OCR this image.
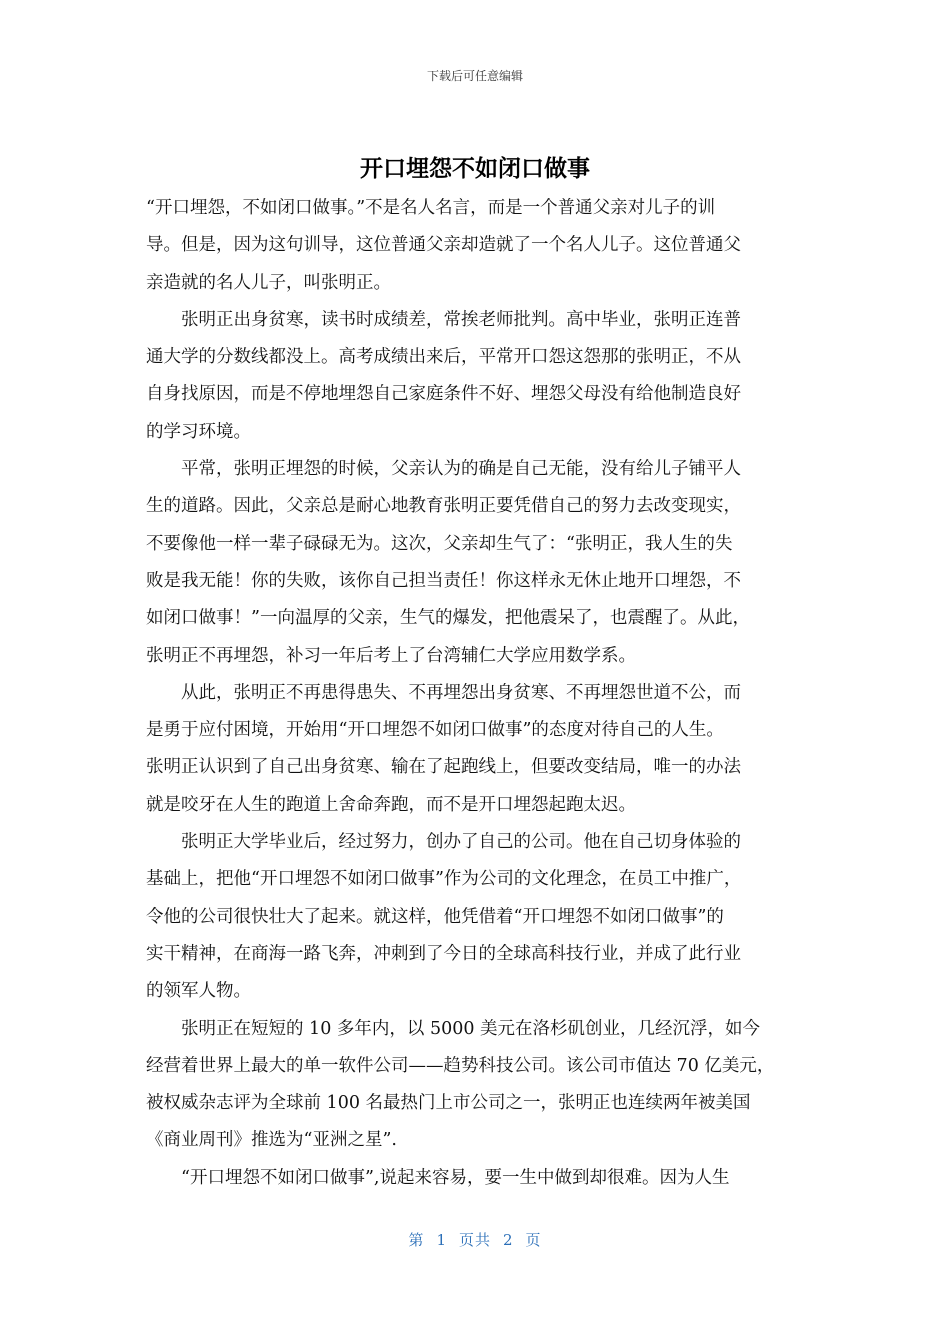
下载后可任意编辑
开口埋怨不如闭口做事

“开口埋怨，不如闭口做事。”不是名人名言，而是一个普通父亲对儿子的训
导。但是，因为这句训导，这位普通父亲却造就了一个名人儿子。这位普通父
亲造就的名人儿子，叫张明正。

张明正出身贫寒，读书时成绩差，常挨老师批判。高中毕业，张明正连普
通大学的分数线都没上。高考成绩出来后，平常开口怨这怨那的张明正，不从
自身找原因，而是不停地埋怨自己家庭条件不好、埋怨父母没有给他制造良好
的学习环境。

平常，张明正埋怨的时候，父亲认为的确是自己无能，没有给儿子铺平人
生的道路。因此，父亲总是耐心地教育张明正要凭借自己的努力去改变现实，
不要像他一样一辈子碌碌无为。这次，父亲却生气了：“张明正，我人生的失
败是我无能！你的失败，该你自己担当责任！你这样永无休止地开口埋怨，不
如闭口做事！”一向温厚的父亲，生气的爆发，把他震呆了，也震醒了。从此，
张明正不再埋怨，补习一年后考上了台湾辅仁大学应用数学系。

从此，张明正不再患得患失、不再埋怨出身贫寒、不再埋怨世道不公，而
是勇于应付困境，开始用“开口埋怨不如闭口做事”的态度对待自己的人生。
张明正认识到了自己出身贫寒、输在了起跑线上，但要改变结局，唯一的办法
就是咬牙在人生的跑道上舍命奔跑，而不是开口埋怨起跑太迟。

张明正大学毕业后，经过努力，创办了自己的公司。他在自己切身体验的
基础上，把他“开口埋怨不如闭口做事”作为公司的文化理念，在员工中推广，
令他的公司很快壮大了起来。就这样，他凭借着“开口埋怨不如闭口做事”的
实干精神，在商海一路飞奔，冲刺到了今日的全球高科技行业，并成了此行业
的领军人物。

张明正在短短的 10 多年内，以 5000 美元在洛杉矶创业，几经沉浮，如今
经营着世界上最大的单一软件公司——趋势科技公司。该公司市值达 70 亿美元，
被权威杂志评为全球前 100 名最热门上市公司之一，张明正也连续两年被美国
《商业周刊》推选为“亚洲之星”.

“开口埋怨不如闭口做事”,说起来容易，要一生中做到却很难。因为人生

第 1 页共 2 页
